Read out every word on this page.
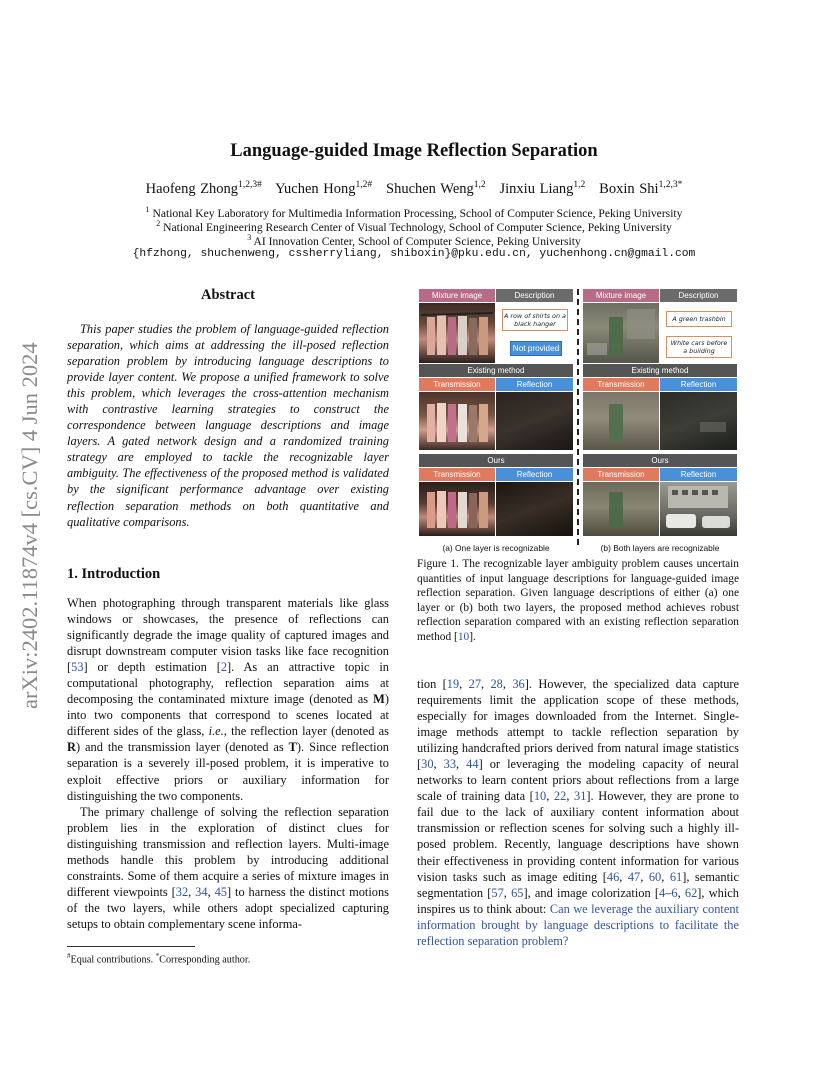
arXiv:2402.11874v4 [cs.CV] 4 Jun 2024
Language-guided Image Reflection Separation
Haofeng Zhong$^{1,2,3\#}$ Yuchen Hong$^{1,2\#}$ Shuchen Weng$^{1,2}$ Jinxiu Liang$^{1,2}$ Boxin Shi$^{1,2,3*}$
$^1$ National Key Laboratory for Multimedia Information Processing, School of Computer Science, Peking University
$^2$ National Engineering Research Center of Visual Technology, School of Computer Science, Peking University
$^3$ AI Innovation Center, School of Computer Science, Peking University
{hfzhong, shuchenweng, cssherryliang, shiboxin}@pku.edu.cn, yuchenhong.cn@gmail.com
Abstract
This paper studies the problem of language-guided reflection separation, which aims at addressing the ill-posed reflection separation problem by introducing language descriptions to provide layer content. We propose a unified framework to solve this problem, which leverages the cross-attention mechanism with contrastive learning strategies to construct the correspondence between language descriptions and image layers. A gated network design and a randomized training strategy are employed to tackle the recognizable layer ambiguity. The effectiveness of the proposed method is validated by the significant performance advantage over existing reflection separation methods on both quantitative and qualitative comparisons.
1. Introduction

When photographing through transparent materials like glass windows or showcases, the presence of reflections can significantly degrade the image quality of captured images and disrupt downstream computer vision tasks like face recognition [53] or depth estimation [2]. As an attractive topic in computational photography, reflection separation aims at decomposing the contaminated mixture image (denoted as M) into two components that correspond to scenes located at different sides of the glass, i.e., the reflection layer (denoted as R) and the transmission layer (denoted as T). Since reflection separation is a severely ill-posed problem, it is imperative to exploit effective priors or auxiliary information for distinguishing the two components.

The primary challenge of solving the reflection separation problem lies in the exploration of distinct clues for distinguishing transmission and reflection layers. Multi-image methods handle this problem by introducing additional constraints. Some of them acquire a series of mixture images in different viewpoints [32, 34, 45] to harness the distinct motions of the two layers, while others adopt specialized capturing setups to obtain complementary scene informa-

#Equal contributions. *Corresponding author.
Mixture image	Description
A row of shirts on a black hanger
Not provided
Existing method
Transmission	Reflection
Ours
Transmission	Reflection
Mixture image	Description
A green trashbin
White cars before a building
Existing method
Transmission	Reflection
Ours
Transmission	Reflection
(a) One layer is recognizable	(b) Both layers are recognizable
Figure 1. The recognizable layer ambiguity problem causes uncertain quantities of input language descriptions for language-guided image reflection separation. Given language descriptions of either (a) one layer or (b) both two layers, the proposed method achieves robust reflection separation compared with an existing reflection separation method [10].
tion [19, 27, 28, 36]. However, the specialized data capture requirements limit the application scope of these methods, especially for images downloaded from the Internet. Single-image methods attempt to tackle reflection separation by utilizing handcrafted priors derived from natural image statistics [30, 33, 44] or leveraging the modeling capacity of neural networks to learn content priors about reflections from a large scale of training data [10, 22, 31]. However, they are prone to fail due to the lack of auxiliary content information about transmission or reflection scenes for solving such a highly ill-posed problem. Recently, language descriptions have shown their effectiveness in providing content information for various vision tasks such as image editing [46, 47, 60, 61], semantic segmentation [57, 65], and image colorization [4–6, 62], which inspires us to think about: Can we leverage the auxiliary content information brought by language descriptions to facilitate the reflection separation problem?
